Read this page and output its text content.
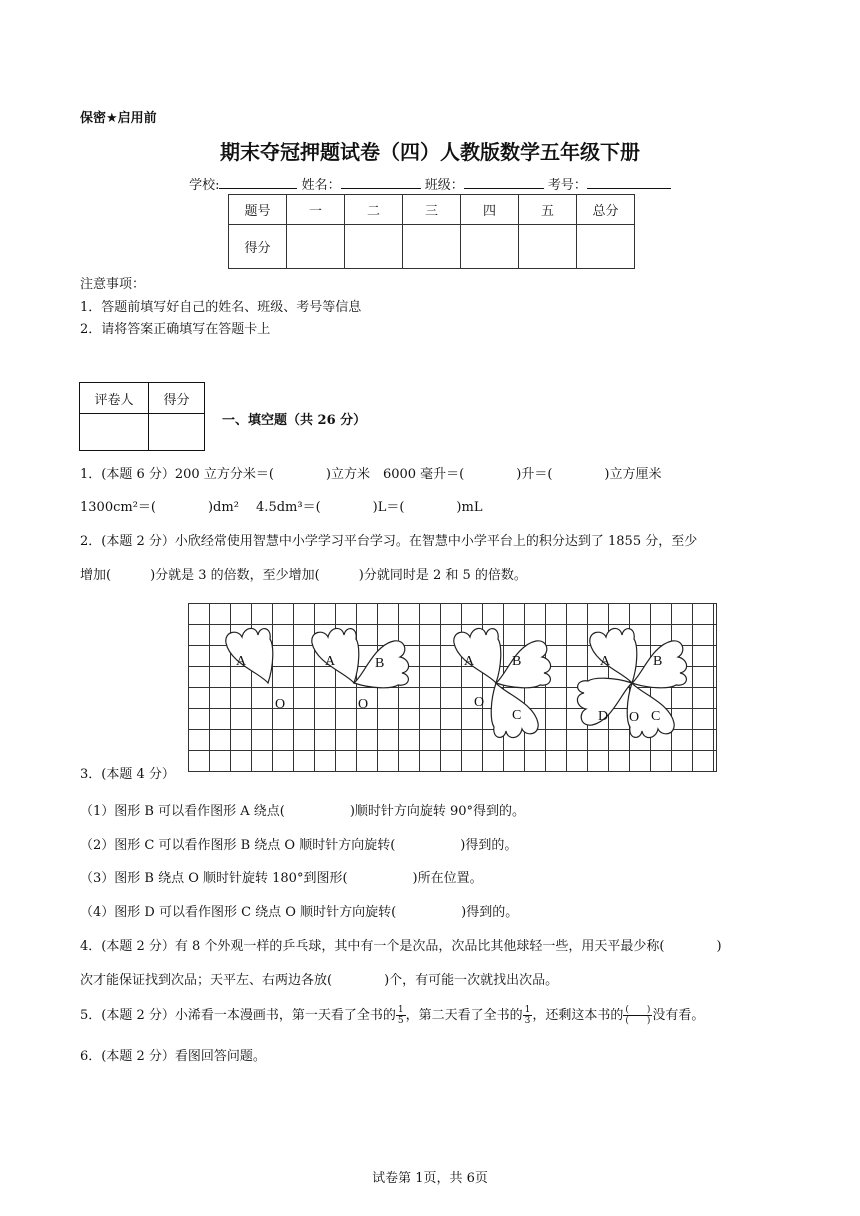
保密★启用前
期末夺冠押题试卷（四）人教版数学五年级下册
学校:	姓名：	班级：	考号：
题号	一	二	三	四	五	总分
得分						
注意事项：
1．答题前填写好自己的姓名、班级、考号等信息
2．请将答案正确填写在答题卡上
评卷人	得分

一、填空题（共 26 分）
1．(本题 6 分）200 立方分米＝(　　　　)立方米　6000 毫升＝(　　　　)升＝(　　　　)立方厘米
1300cm²＝(　　　　)dm²　 4.5dm³＝(　　　　)L＝(　　　　)mL
2．(本题 2 分）小欣经常使用智慧中小学学习平台学习。在智慧中小学平台上的积分达到了 1855 分，至少
增加(　　　)分就是 3 的倍数，至少增加(　　　)分就同时是 2 和 5 的倍数。
A
O
A	B
O
A	B
O
C
A	B
D O C
3．(本题 4 分）
（1）图形 B 可以看作图形 A 绕点(　　　　　)顺时针方向旋转 90°得到的。
（2）图形 C 可以看作图形 B 绕点 O 顺时针方向旋转(　　　　　)得到的。
（3）图形 B 绕点 O 顺时针旋转 180°到图形(　　　　　)所在位置。
（4）图形 D 可以看作图形 C 绕点 O 顺时针方向旋转(　　　　　)得到的。
4．(本题 2 分）有 8 个外观一样的乒乓球，其中有一个是次品，次品比其他球轻一些，用天平最少称(　　　　)
次才能保证找到次品；天平左、右两边各放(　　　　)个，有可能一次就找出次品。
5．(本题 2 分）小浠看一本漫画书，第一天看了全书的 $\frac{1}{5}$ ，第二天看了全书的 $\frac{1}{3}$ ，还剩这本书的 $\frac{( )}{( )}$ 没有看。
6．(本题 2 分）看图回答问题。
试卷第 1页，共 6页
